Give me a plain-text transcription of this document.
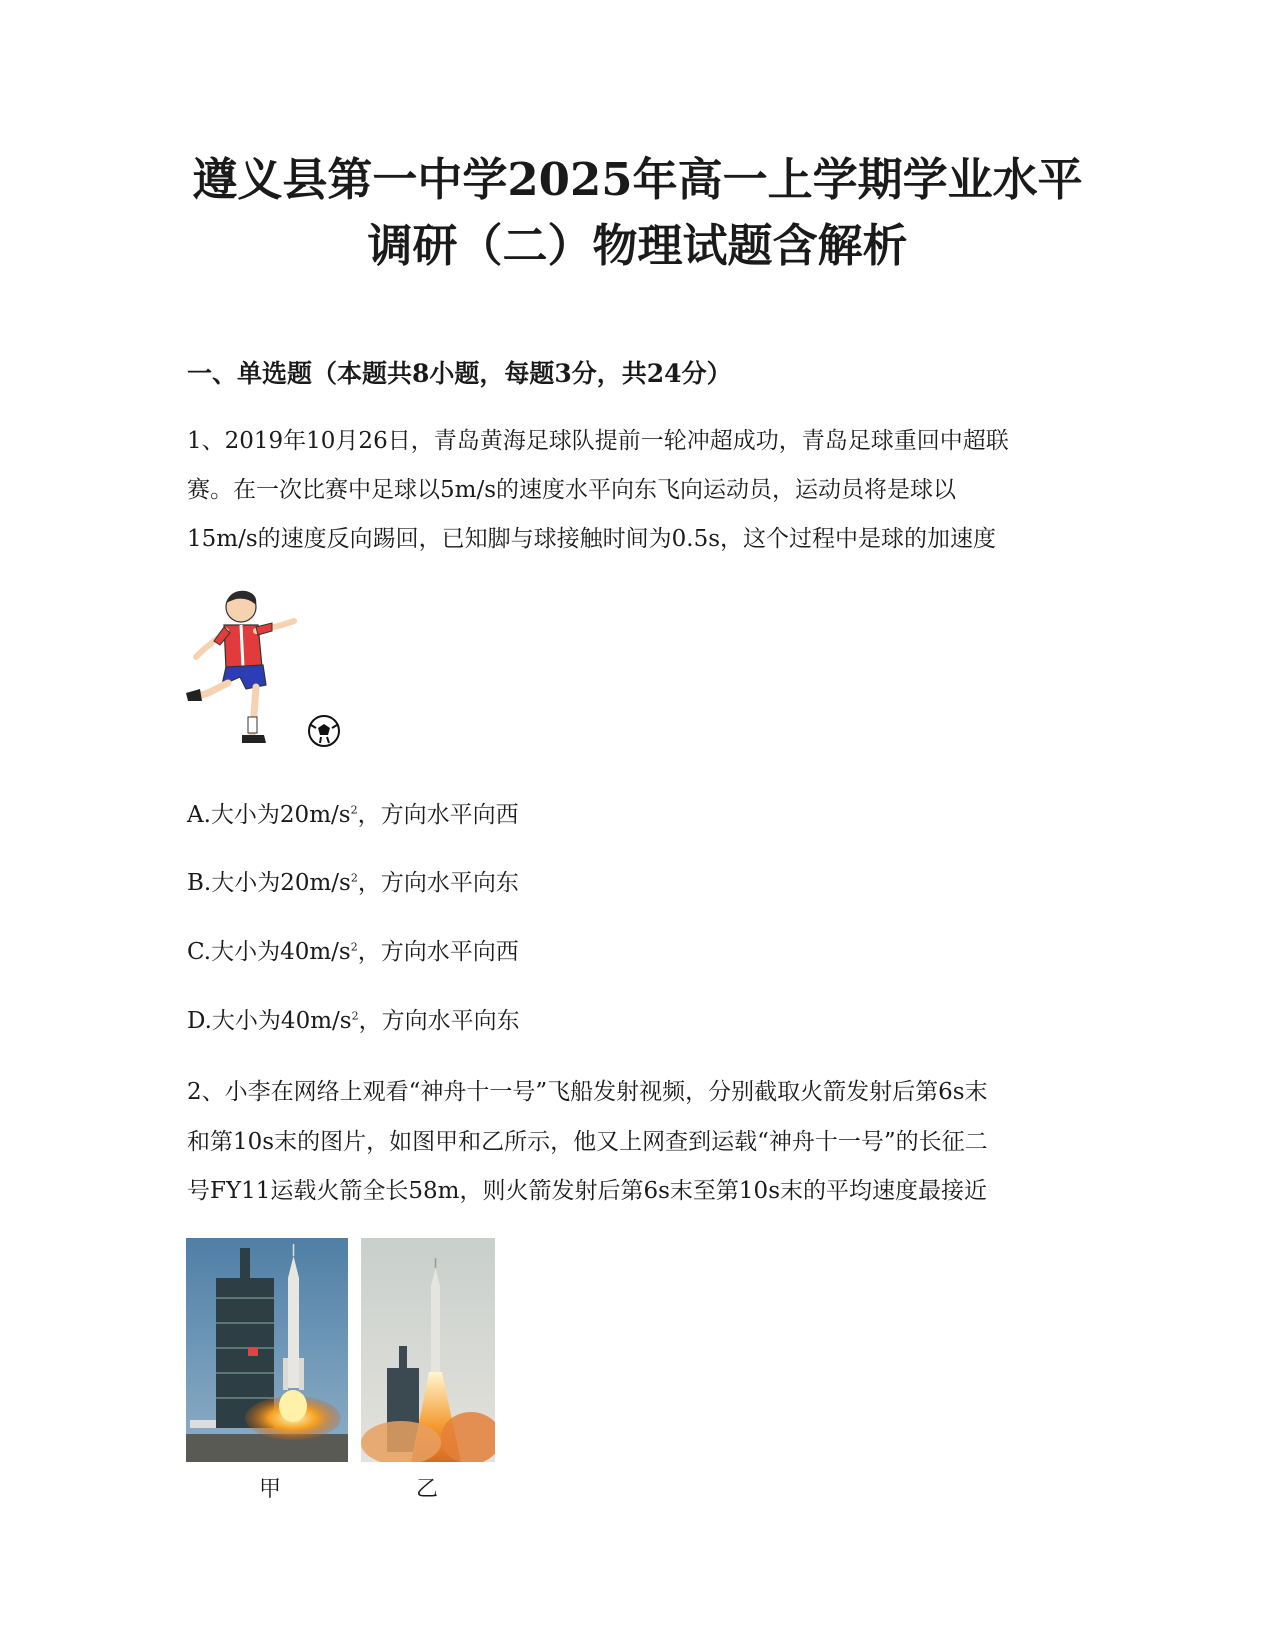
遵义县第一中学2025年高一上学期学业水平
调研（二）物理试题含解析
一、单选题（本题共8小题，每题3分，共24分）
1、2019年10月26日，青岛黄海足球队提前一轮冲超成功，青岛足球重回中超联
赛。在一次比赛中足球以5m/s的速度水平向东飞向运动员，运动员将是球以
15m/s的速度反向踢回，已知脚与球接触时间为0.5s，这个过程中是球的加速度
A.大小为$20m/s^2$，方向水平向西
B.大小为$20m/s^2$，方向水平向东
C.大小为$40m/s^2$，方向水平向西
D.大小为$40m/s^2$，方向水平向东
2、小李在网络上观看“神舟十一号”飞船发射视频，分别截取火箭发射后第6s末
和第10s末的图片，如图甲和乙所示，他又上网查到运载“神舟十一号”的长征二
号FY11运载火箭全长58m，则火箭发射后第6s末至第10s末的平均速度最接近
甲	乙
